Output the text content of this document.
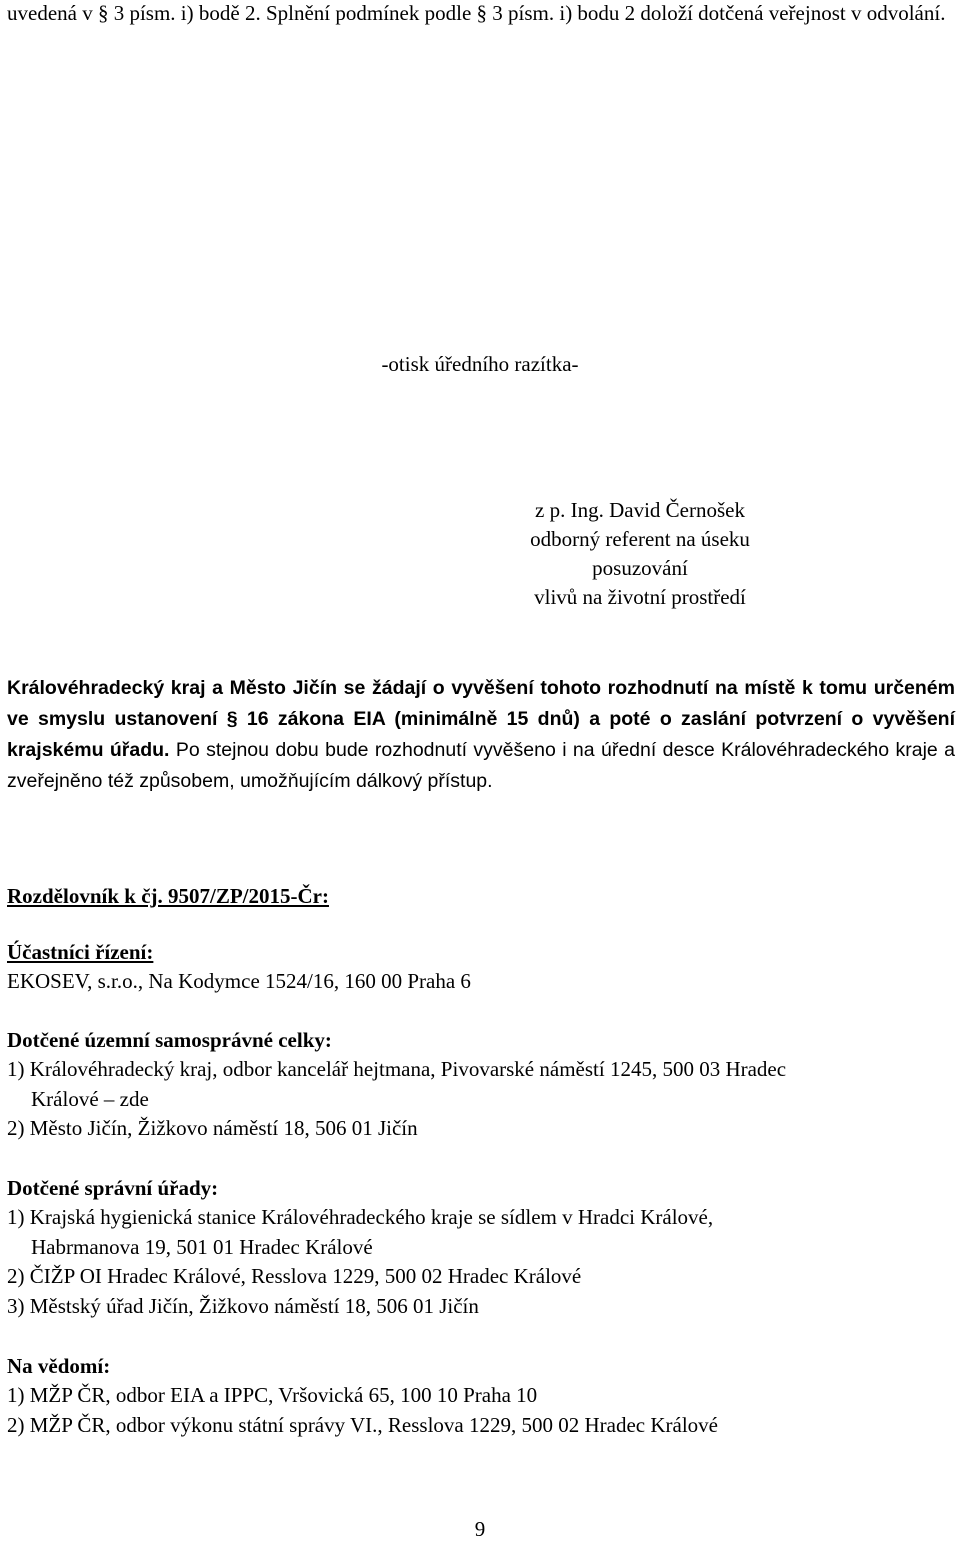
uvedená v § 3 písm. i) bodě 2. Splnění podmínek podle § 3 písm. i) bodu 2 doloží dotčená veřejnost v odvolání.

-otisk úředního razítka-
z p. Ing. David Černošek
odborný referent na úseku posuzování
vlivů na životní prostředí

Královéhradecký kraj a Město Jičín se žádají o vyvěšení tohoto rozhodnutí na místě k tomu určeném ve smyslu ustanovení § 16 zákona EIA (minimálně 15 dnů) a poté o zaslání potvrzení o vyvěšení krajskému úřadu. Po stejnou dobu bude rozhodnutí vyvěšeno i na úřední desce Královéhradeckého kraje a zveřejněno též způsobem, umožňujícím dálkový přístup.

Rozdělovník k čj. 9507/ZP/2015-Čr:
Účastníci řízení:
EKOSEV, s.r.o., Na Kodymce 1524/16, 160 00 Praha 6
Dotčené územní samosprávné celky:
1) Královéhradecký kraj, odbor kancelář hejtmana, Pivovarské náměstí 1245, 500 03 Hradec
Králové – zde
2) Město Jičín, Žižkovo náměstí 18, 506 01 Jičín
Dotčené správní úřady:
1) Krajská hygienická stanice Královéhradeckého kraje se sídlem v Hradci Králové,
Habrmanova 19, 501 01 Hradec Králové
2) ČIŽP OI Hradec Králové, Resslova 1229, 500 02 Hradec Králové
3) Městský úřad Jičín, Žižkovo náměstí 18, 506 01 Jičín
Na vědomí:
1) MŽP ČR, odbor EIA a IPPC, Vršovická 65, 100 10 Praha 10
2) MŽP ČR, odbor výkonu státní správy VI., Resslova 1229, 500 02 Hradec Králové
9
